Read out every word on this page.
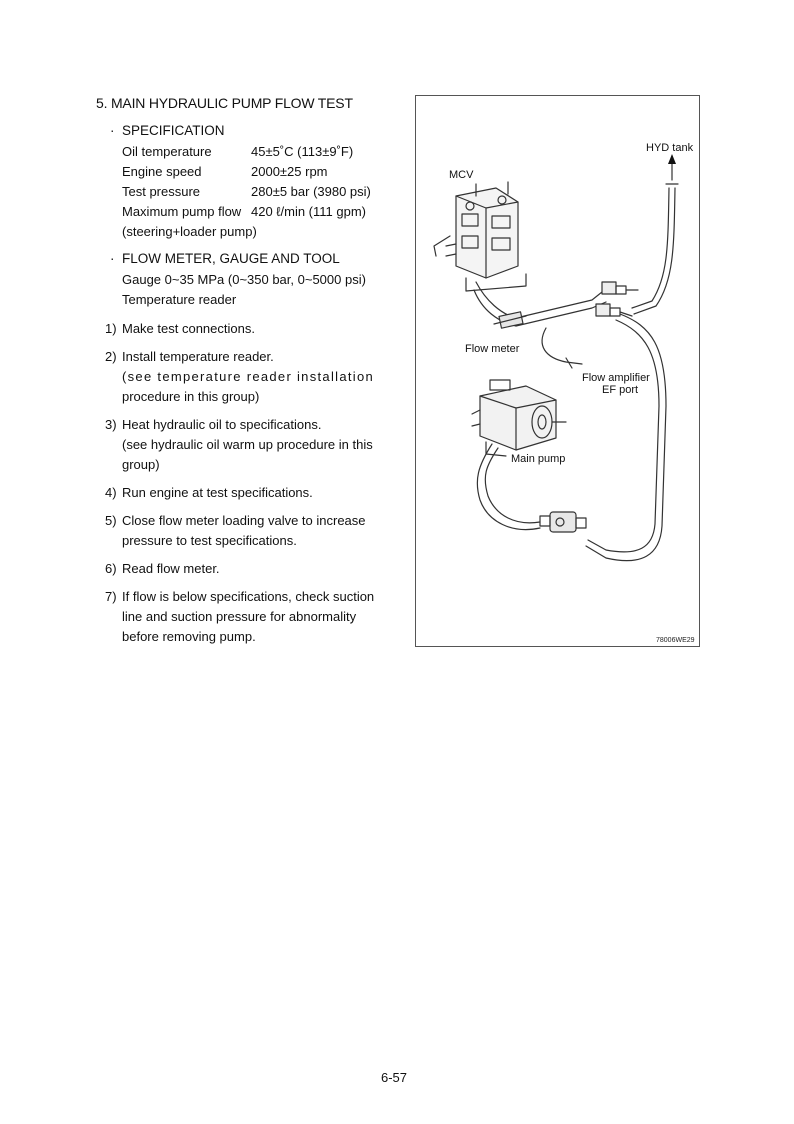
5. MAIN HYDRAULIC PUMP FLOW TEST
· SPECIFICATION
Oil temperature	45±5˚C (113±9˚F)
Engine speed	2000±25 rpm
Test pressure	280±5 bar (3980 psi)
Maximum pump flow 420 ℓ/min (111 gpm)
(steering+loader pump)
· FLOW METER, GAUGE AND TOOL
Gauge 0~35 MPa (0~350 bar, 0~5000 psi)
Temperature reader
1) Make test connections.
2) Install temperature reader.
(see temperature reader installation
procedure in this group)
3) Heat hydraulic oil to specifications.
(see hydraulic oil warm up procedure in this
group)
4) Run engine at test specifications.
5) Close flow meter loading valve to increase
pressure to test specifications.
6) Read flow meter.
7) If flow is below specifications, check suction
line and suction pressure for abnormality
before removing pump.
HYD tank
MCV
Flow meter
Flow amplifier
EF port
Main pump
78006WE29
6-57
